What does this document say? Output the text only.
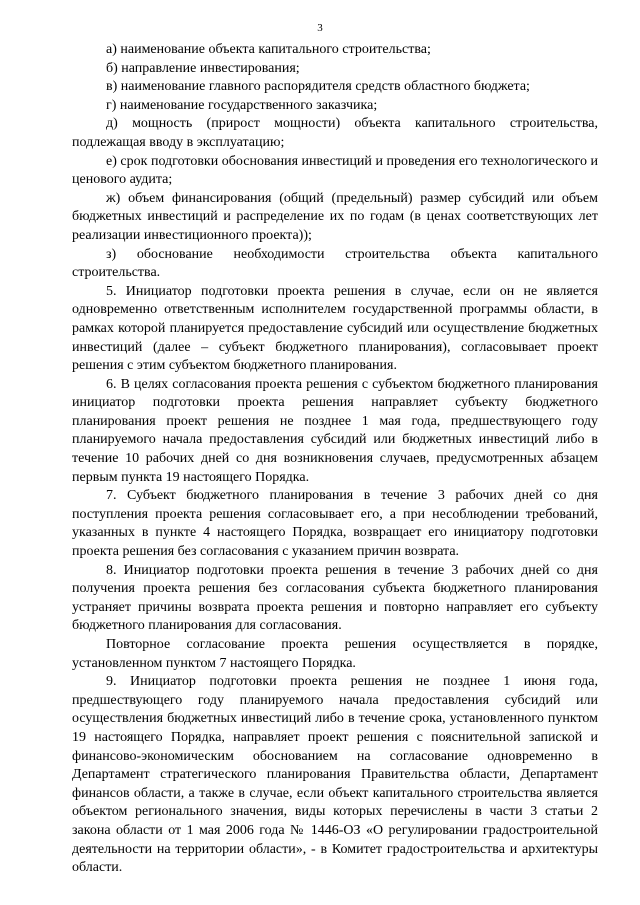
3

а) наименование объекта капитального строительства;

б) направление инвестирования;

в) наименование главного распорядителя средств областного бюджета;

г) наименование государственного заказчика;

д) мощность (прирост мощности) объекта капитального строительства, подлежащая вводу в эксплуатацию;

е) срок подготовки обоснования инвестиций и проведения его технологического и ценового аудита;

ж) объем финансирования (общий (предельный) размер субсидий или объем бюджетных инвестиций и распределение их по годам (в ценах соответствующих лет реализации инвестиционного проекта));

з) обоснование необходимости строительства объекта капитального строительства.

5. Инициатор подготовки проекта решения в случае, если он не является одновременно ответственным исполнителем государственной программы области, в рамках которой планируется предоставление субсидий или осуществление бюджетных инвестиций (далее – субъект бюджетного планирования), согласовывает проект решения с этим субъектом бюджетного планирования.

6. В целях согласования проекта решения с субъектом бюджетного планирования инициатор подготовки проекта решения направляет субъекту бюджетного планирования проект решения не позднее 1 мая года, предшествующего году планируемого начала предоставления субсидий или бюджетных инвестиций либо в течение 10 рабочих дней со дня возникновения случаев, предусмотренных абзацем первым пункта 19 настоящего Порядка.

7. Субъект бюджетного планирования в течение 3 рабочих дней со дня поступления проекта решения согласовывает его, а при несоблюдении требований, указанных в пункте 4 настоящего Порядка, возвращает его инициатору подготовки проекта решения без согласования с указанием причин возврата.

8. Инициатор подготовки проекта решения в течение 3 рабочих дней со дня получения проекта решения без согласования субъекта бюджетного планирования устраняет причины возврата проекта решения и повторно направляет его субъекту бюджетного планирования для согласования.

Повторное согласование проекта решения осуществляется в порядке, установленном пунктом 7 настоящего Порядка.

9. Инициатор подготовки проекта решения не позднее 1 июня года, предшествующего году планируемого начала предоставления субсидий или осуществления бюджетных инвестиций либо в течение срока, установленного пунктом 19 настоящего Порядка, направляет проект решения с пояснительной запиской и финансово-экономическим обоснованием на согласование одновременно в Департамент стратегического планирования Правительства области, Департамент финансов области, а также в случае, если объект капитального строительства является объектом регионального значения, виды которых перечислены в части 3 статьи 2 закона области от 1 мая 2006 года № 1446-ОЗ «О регулировании градостроительной деятельности на территории области», - в Комитет градостроительства и архитектуры области.
